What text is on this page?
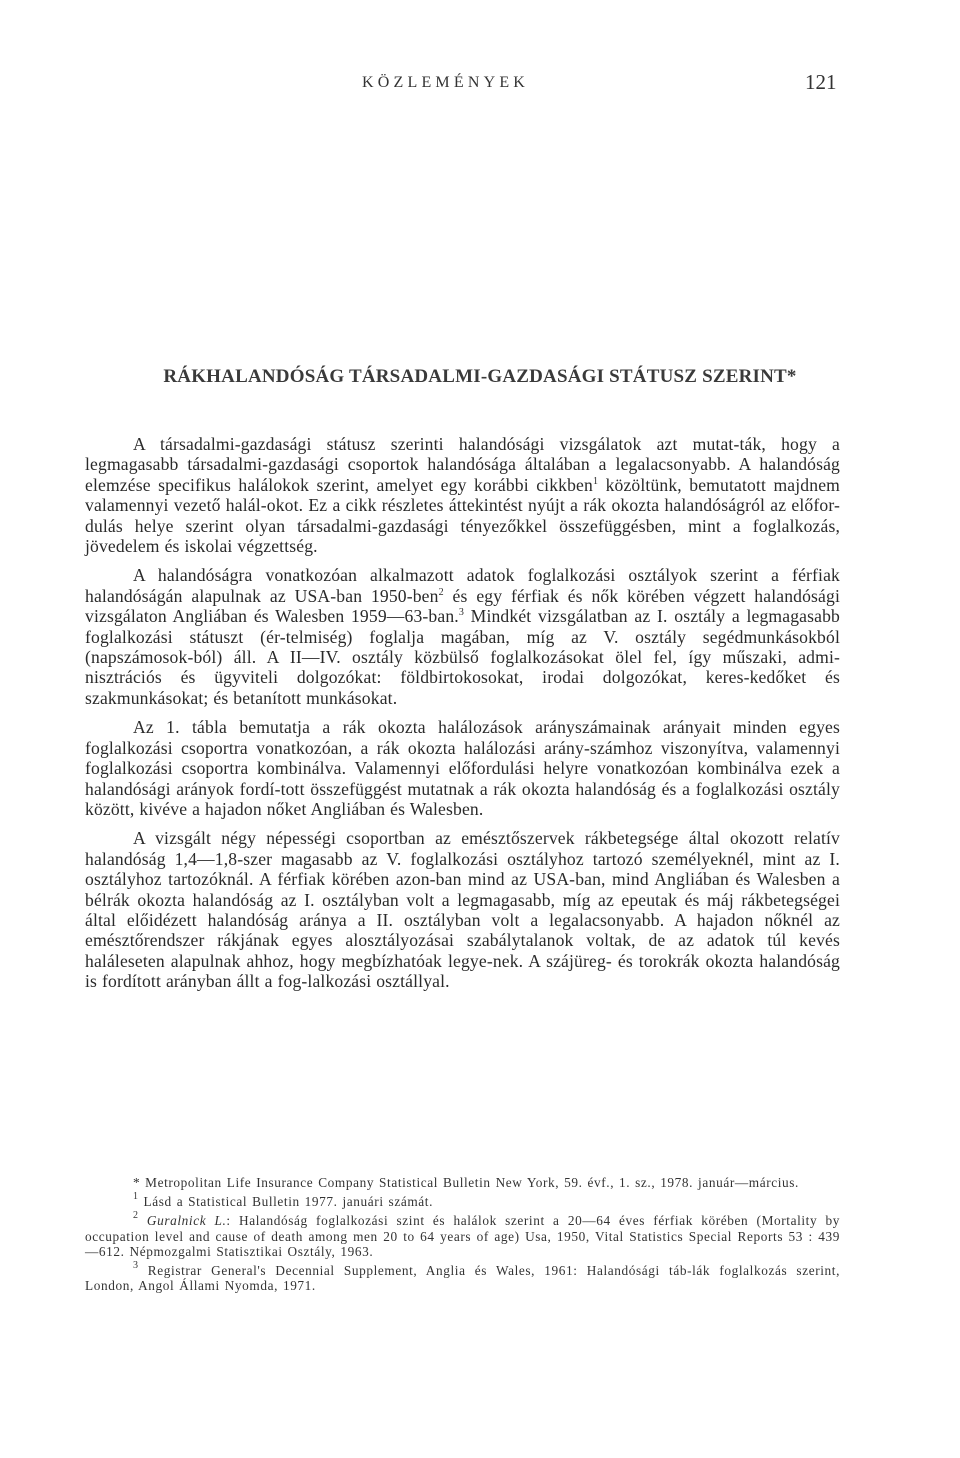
KÖZLEMÉNYEK	121
RÁKHALANDÓSÁG TÁRSADALMI-GAZDASÁGI STÁTUSZ SZERINT*

A társadalmi-gazdasági státusz szerinti halandósági vizsgálatok azt mutat-ták, hogy a legmagasabb társadalmi-gazdasági csoportok halandósága általában a legalacsonyabb. A halandóság elemzése specifikus halálokok szerint, amelyet egy korábbi cikkben$^1$ közöltünk, bemutatott majdnem valamennyi vezető halál-okot. Ez a cikk részletes áttekintést nyújt a rák okozta halandóságról az előfor-dulás helye szerint olyan társadalmi-gazdasági tényezőkkel összefüggésben, mint a foglalkozás, jövedelem és iskolai végzettség.

A halandóságra vonatkozóan alkalmazott adatok foglalkozási osztályok szerint a férfiak halandóságán alapulnak az USA-ban 1950-ben$^2$ és egy férfiak és nők körében végzett halandósági vizsgálaton Angliában és Walesben 1959—63-ban.$^3$ Mindkét vizsgálatban az I. osztály a legmagasabb foglalkozási státuszt (ér-telmiség) foglalja magában, míg az V. osztály segédmunkásokból (napszámosok-ból) áll. A II—IV. osztály közbülső foglalkozásokat ölel fel, így műszaki, admi-nisztrációs és ügyviteli dolgozókat: földbirtokosokat, irodai dolgozókat, keres-kedőket és szakmunkásokat; és betanított munkásokat.

Az 1. tábla bemutatja a rák okozta halálozások arányszámainak arányait minden egyes foglalkozási csoportra vonatkozóan, a rák okozta halálozási arány-számhoz viszonyítva, valamennyi foglalkozási csoportra kombinálva. Valamennyi előfordulási helyre vonatkozóan kombinálva ezek a halandósági arányok fordí-tott összefüggést mutatnak a rák okozta halandóság és a foglalkozási osztály között, kivéve a hajadon nőket Angliában és Walesben.

A vizsgált négy népességi csoportban az emésztőszervek rákbetegsége által okozott relatív halandóság 1,4—1,8-szer magasabb az V. foglalkozási osztályhoz tartozó személyeknél, mint az I. osztályhoz tartozóknál. A férfiak körében azon-ban mind az USA-ban, mind Angliában és Walesben a bélrák okozta halandóság az I. osztályban volt a legmagasabb, míg az epeutak és máj rákbetegségei által előidézett halandóság aránya a II. osztályban volt a legalacsonyabb. A hajadon nőknél az emésztőrendszer rákjának egyes alosztályozásai szabálytalanok voltak, de az adatok túl kevés haláleseten alapulnak ahhoz, hogy megbízhatóak legye-nek. A szájüreg- és torokrák okozta halandóság is fordított arányban állt a fog-lalkozási osztállyal.

* Metropolitan Life Insurance Company Statistical Bulletin New York, 59. évf., 1. sz., 1978. január—március.

$^1$ Lásd a Statistical Bulletin 1977. januári számát.

$^2$ Guralnick L.: Halandóság foglalkozási szint és halálok szerint a 20—64 éves férfiak körében (Mortality by occupation level and cause of death among men 20 to 64 years of age) Usa, 1950, Vital Statistics Special Reports 53 : 439—612. Népmozgalmi Statisztikai Osztály, 1963.

$^3$ Registrar General's Decennial Supplement, Anglia és Wales, 1961: Halandósági táb-lák foglalkozás szerint, London, Angol Állami Nyomda, 1971.
